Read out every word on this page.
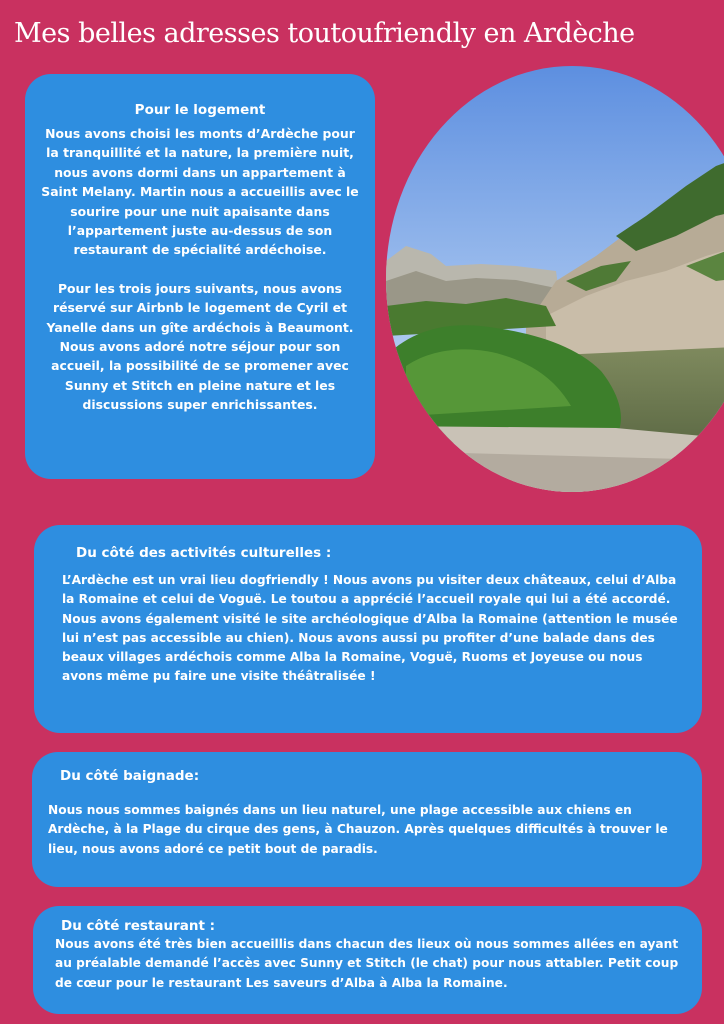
Mes belles adresses toutoufriendly en Ardèche
Pour le logement

Nous avons choisi les monts d’Ardèche pour la tranquillité et la nature, la première nuit, nous avons dormi dans un appartement à Saint Melany. Martin nous a accueillis avec le sourire pour une nuit apaisante dans l’appartement juste au-dessus de son restaurant de spécialité ardéchoise.

Pour les trois jours suivants, nous avons réservé sur Airbnb le logement de Cyril et Yanelle dans un gîte ardéchois à Beaumont. Nous avons adoré notre séjour pour son accueil, la possibilité de se promener avec Sunny et Stitch en pleine nature et les discussions super enrichissantes.

Du côté des activités culturelles :

L’Ardèche est un vrai lieu dogfriendly ! Nous avons pu visiter deux châteaux, celui d’Alba la Romaine et celui de Voguë. Le toutou a apprécié l’accueil royale qui lui a été accordé. Nous avons également visité le site archéologique d’Alba la Romaine (attention le musée lui n’est pas accessible au chien). Nous avons aussi pu profiter d’une balade dans des beaux villages ardéchois comme Alba la Romaine, Voguë, Ruoms et Joyeuse ou nous avons même pu faire une visite théâtralisée !

Du côté baignade:

Nous nous sommes baignés dans un lieu naturel, une plage accessible aux chiens en Ardèche, à la Plage du cirque des gens, à Chauzon. Après quelques difficultés à trouver le lieu, nous avons adoré ce petit bout de paradis.

Du côté restaurant :

Nous avons été très bien accueillis dans chacun des lieux où nous sommes allées en ayant au préalable demandé l’accès avec Sunny et Stitch (le chat) pour nous attabler. Petit coup de cœur pour le restaurant Les saveurs d’Alba à Alba la Romaine.
